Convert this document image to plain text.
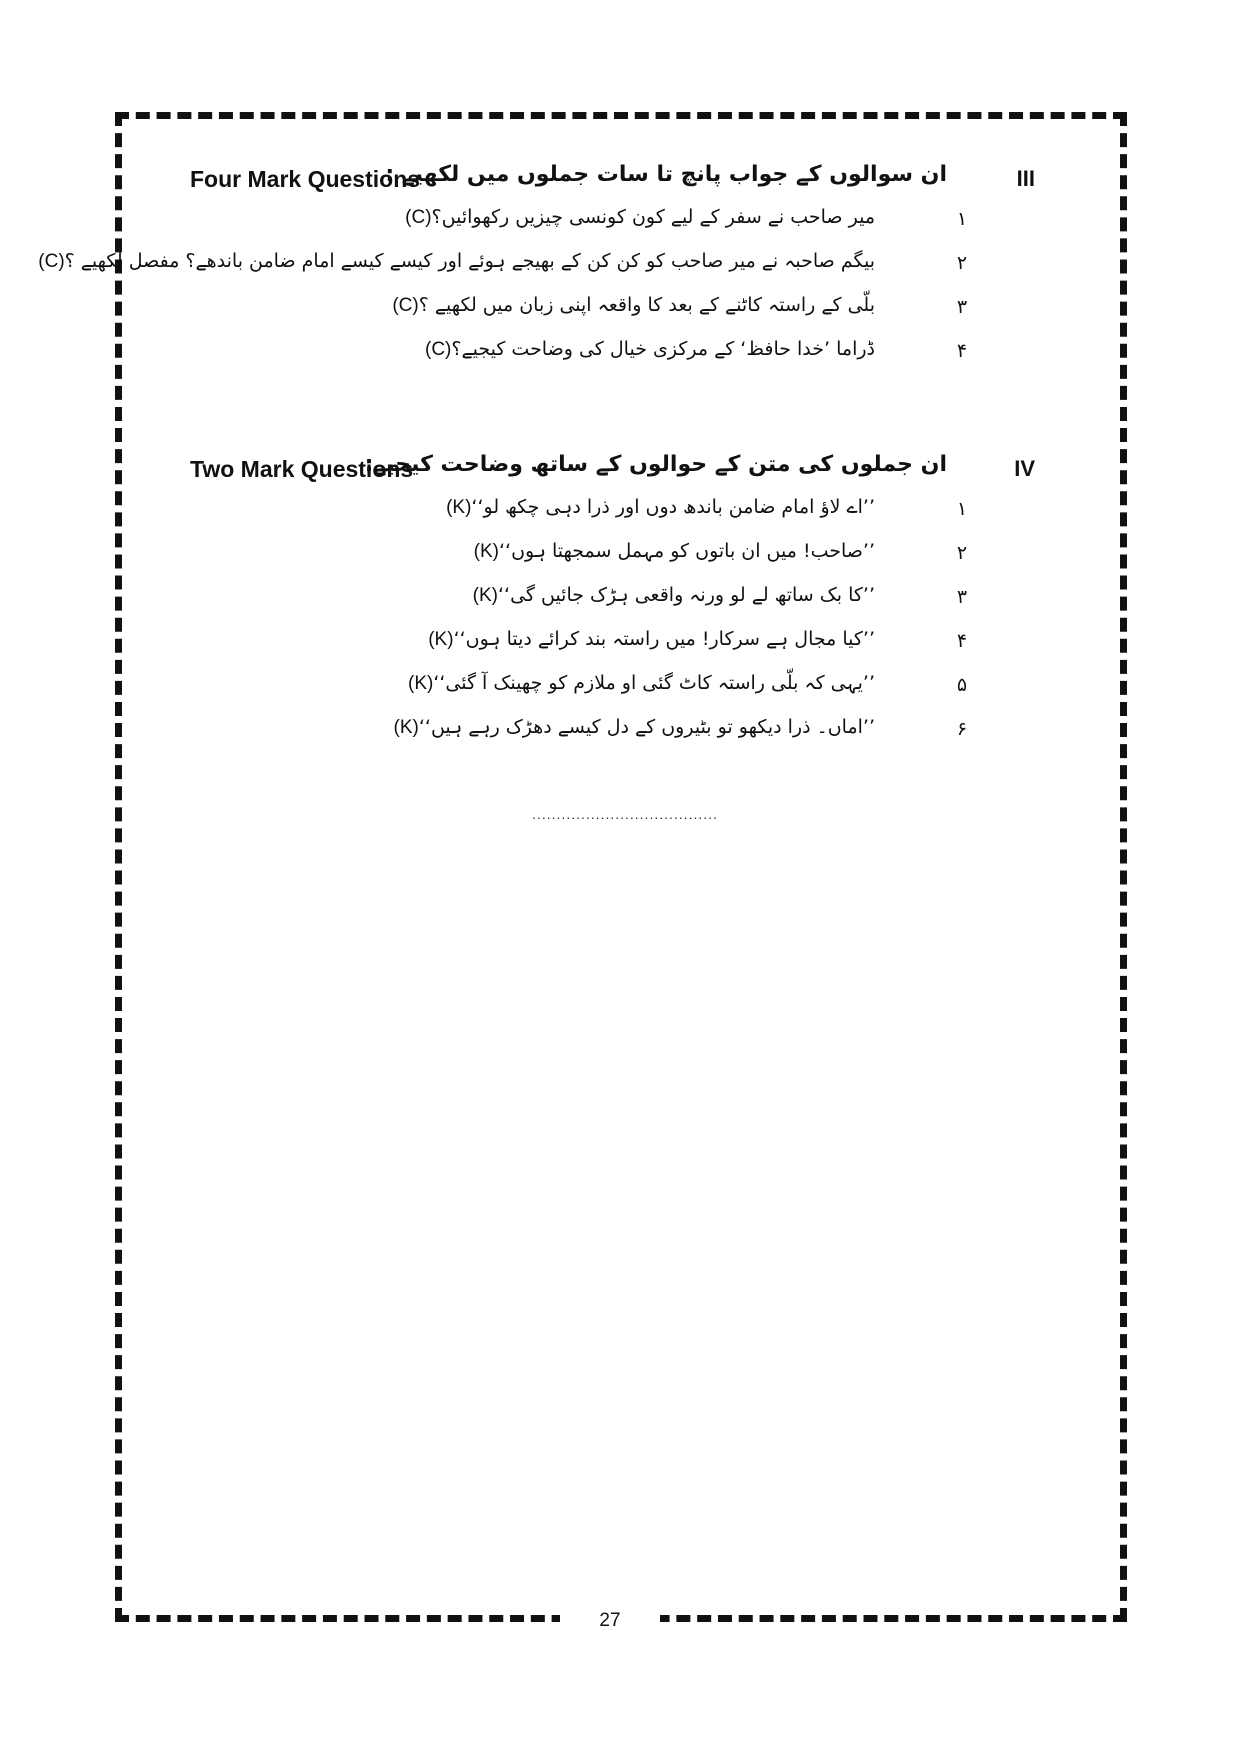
27
Four Mark Questions
ان سوالوں کے جواب پانچ تا سات جملوں میں لکھیے :	III
۱
میر صاحب نے سفر کے لیے کون کونسی چیزیں رکھوائیں؟(C)
۲
بیگم صاحبہ نے میر صاحب کو کن کن کے بھیجے ہوئے اور کیسے کیسے امام ضامن باندھے؟ مفصل لکھیے ؟(C)
۳
بلّی کے راستہ کاٹنے کے بعد کا واقعہ اپنی زبان میں لکھیے ؟(C)
۴
ڈراما ’خدا حافظ‘ کے مرکزی خیال کی وضاحت کیجیے؟(C)
Two Mark Questions
ان جملوں کی متن کے حوالوں کے ساتھ وضاحت کیجیے:	IV
۱
’’اے لاؤ امام ضامن باندھ دوں اور ذرا دہی چکھ لو‘‘(K)
۲
’’صاحب! میں ان باتوں کو مہمل سمجھتا ہوں‘‘(K)
۳
’’کا بک ساتھ لے لو ورنہ واقعی ہڑک جائیں گی‘‘(K)
۴
’’کیا مجال ہے سرکار! میں راستہ بند کرائے دیتا ہوں‘‘(K)
۵
’’یہی کہ بلّی راستہ کاٹ گئی او ملازم کو چھینک آ گئی‘‘(K)
۶
’’اماں۔ ذرا دیکھو تو بٹیروں کے دل کیسے دھڑک رہے ہیں‘‘(K)
......................................
